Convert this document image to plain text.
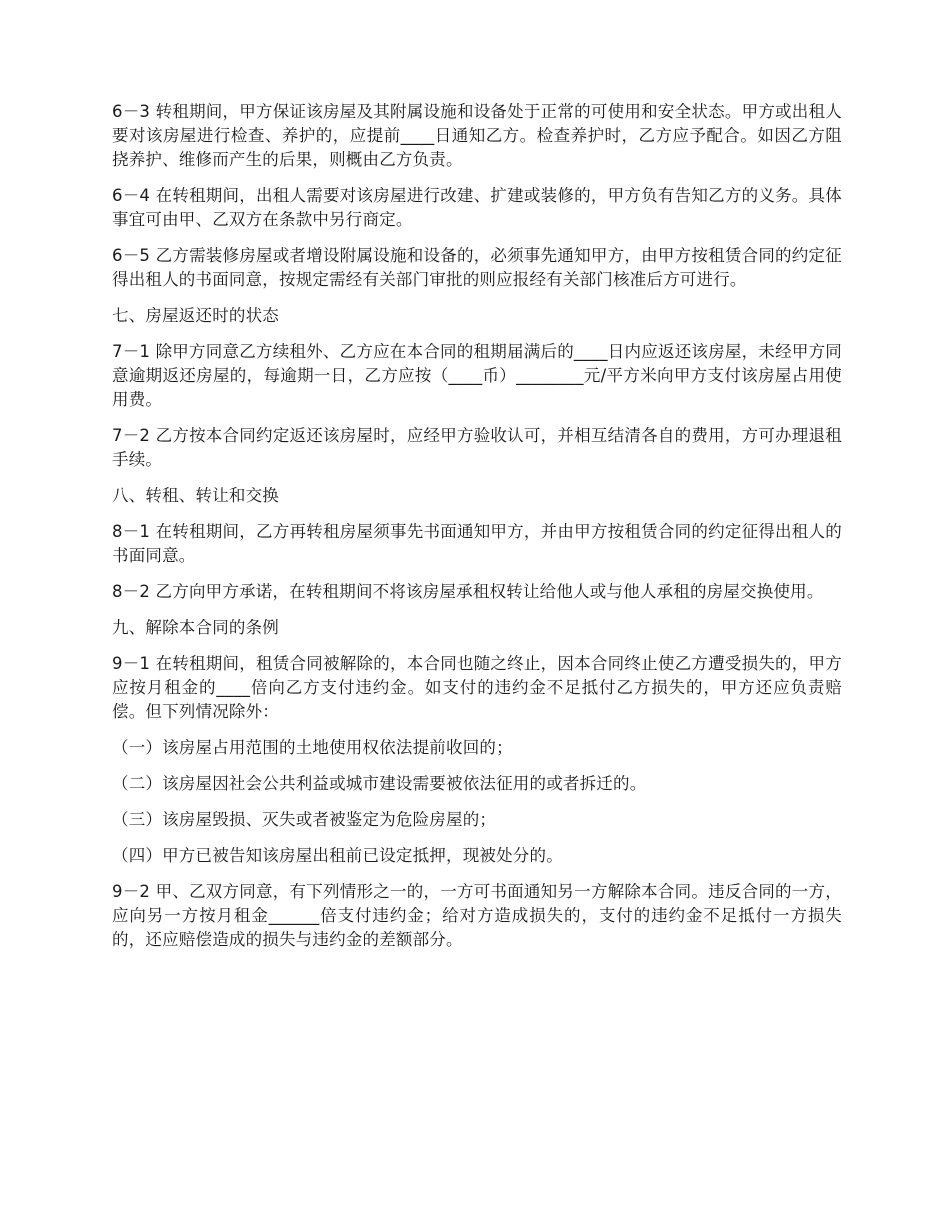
6－3 转租期间，甲方保证该房屋及其附属设施和设备处于正常的可使用和安全状态。甲方或出租人要对该房屋进行检查、养护的，应提前____日通知乙方。检查养护时，乙方应予配合。如因乙方阻挠养护、维修而产生的后果，则概由乙方负责。

6－4 在转租期间，出租人需要对该房屋进行改建、扩建或装修的，甲方负有告知乙方的义务。具体事宜可由甲、乙双方在条款中另行商定。

6－5 乙方需装修房屋或者增设附属设施和设备的，必须事先通知甲方，由甲方按租赁合同的约定征得出租人的书面同意，按规定需经有关部门审批的则应报经有关部门核准后方可进行。

七、房屋返还时的状态

7－1 除甲方同意乙方续租外、乙方应在本合同的租期届满后的____日内应返还该房屋，未经甲方同意逾期返还房屋的，每逾期一日，乙方应按（____币）________元/平方米向甲方支付该房屋占用使用费。

7－2 乙方按本合同约定返还该房屋时，应经甲方验收认可，并相互结清各自的费用，方可办理退租手续。

八、转租、转让和交换

8－1 在转租期间，乙方再转租房屋须事先书面通知甲方，并由甲方按租赁合同的约定征得出租人的书面同意。

8－2 乙方向甲方承诺，在转租期间不将该房屋承租权转让给他人或与他人承租的房屋交换使用。

九、解除本合同的条例

9－1 在转租期间，租赁合同被解除的，本合同也随之终止，因本合同终止使乙方遭受损失的，甲方应按月租金的____倍向乙方支付违约金。如支付的违约金不足抵付乙方损失的，甲方还应负责赔偿。但下列情况除外：

（一）该房屋占用范围的土地使用权依法提前收回的；

（二）该房屋因社会公共利益或城市建设需要被依法征用的或者拆迁的。

（三）该房屋毁损、灭失或者被鉴定为危险房屋的；

（四）甲方已被告知该房屋出租前已设定抵押，现被处分的。

9－2 甲、乙双方同意，有下列情形之一的，一方可书面通知另一方解除本合同。违反合同的一方，应向另一方按月租金______倍支付违约金；给对方造成损失的，支付的违约金不足抵付一方损失的，还应赔偿造成的损失与违约金的差额部分。
